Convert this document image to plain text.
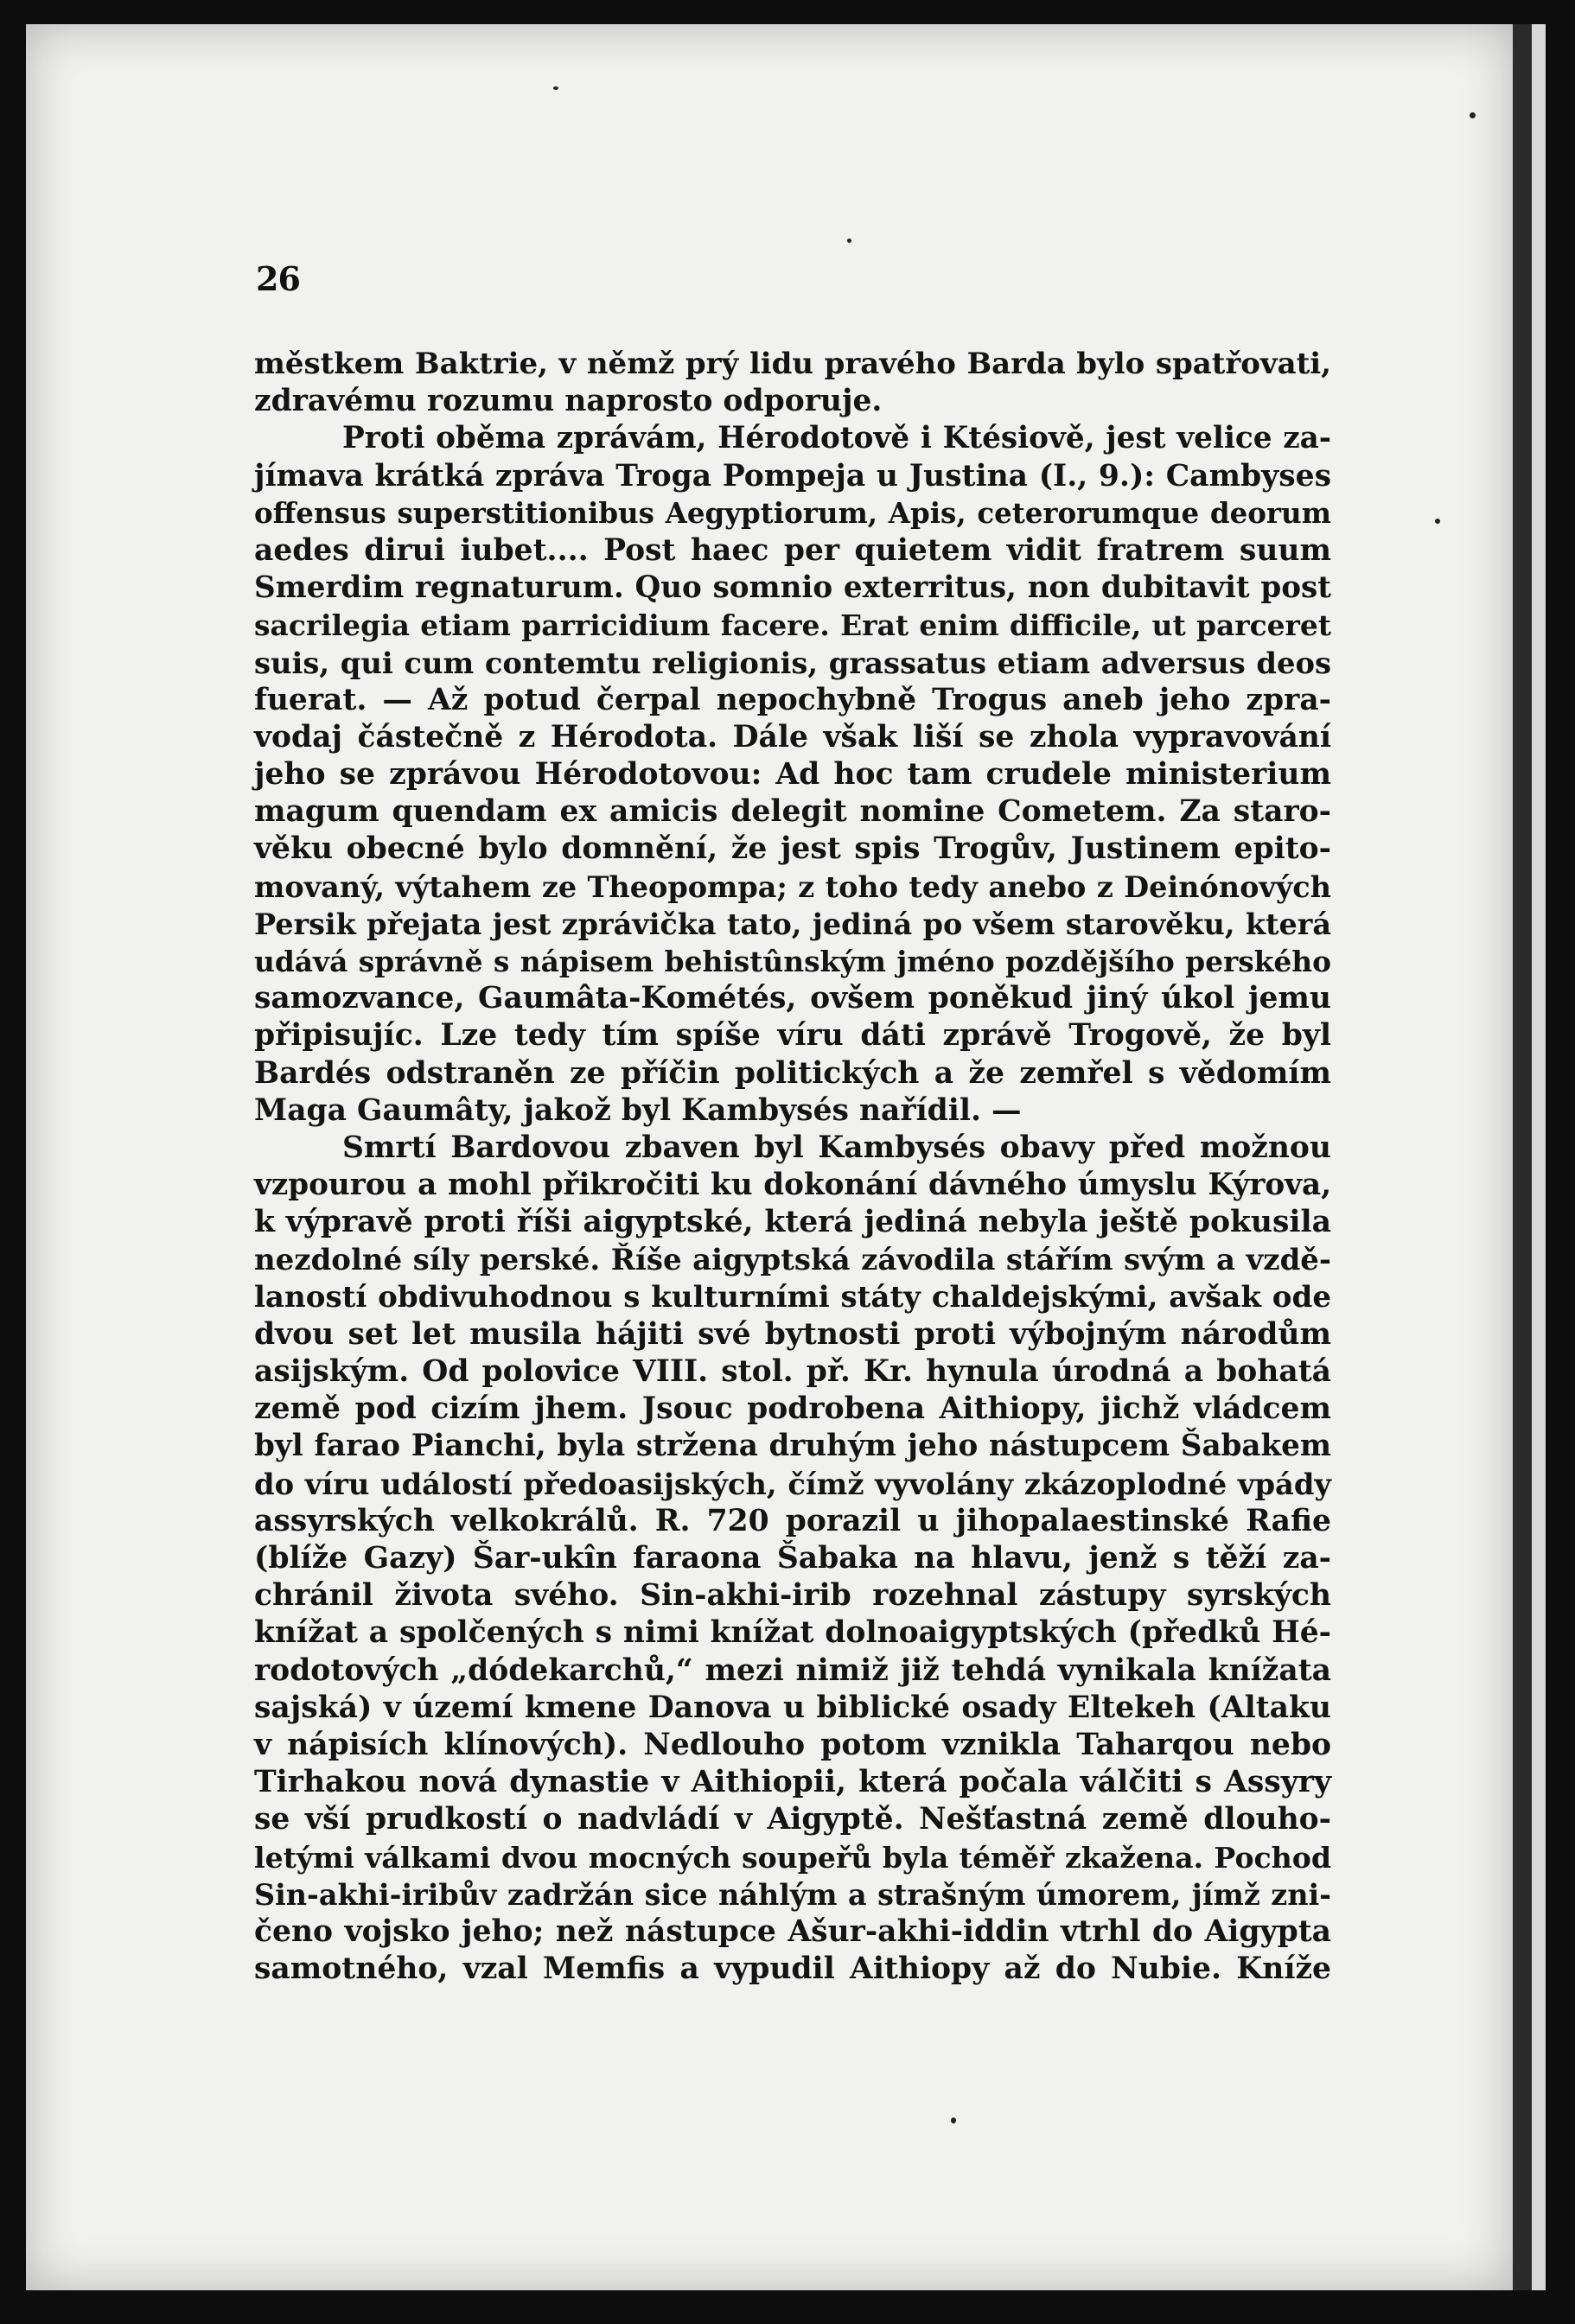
26
městkem Baktrie, v němž prý lidu pravého Barda bylo spatřovati,
zdravému rozumu naprosto odporuje.
Proti oběma zprávám, Hérodotově i Ktésiově, jest velice za-
jímava krátká zpráva Troga Pompeja u Justina (I., 9.): Cambyses
offensus superstitionibus Aegyptiorum, Apis, ceterorumque deorum
aedes dirui iubet.... Post haec per quietem vidit fratrem suum
Smerdim regnaturum. Quo somnio exterritus, non dubitavit post
sacrilegia etiam parricidium facere. Erat enim difficile, ut parceret
suis, qui cum contemtu religionis, grassatus etiam adversus deos
fuerat. — Až potud čerpal nepochybně Trogus aneb jeho zpra-
vodaj částečně z Hérodota. Dále však liší se zhola vypravování
jeho se zprávou Hérodotovou: Ad hoc tam crudele ministerium
magum quendam ex amicis delegit nomine Cometem. Za staro-
věku obecné bylo domnění, že jest spis Trogův, Justinem epito-
movaný, výtahem ze Theopompa; z toho tedy anebo z Deinónových
Persik přejata jest zprávička tato, jediná po všem starověku, která
udává správně s nápisem behistûnským jméno pozdějšího perského
samozvance, Gaumâta-Kométés, ovšem poněkud jiný úkol jemu
připisujíc. Lze tedy tím spíše víru dáti zprávě Trogově, že byl
Bardés odstraněn ze příčin politických a že zemřel s vědomím
Maga Gaumâty, jakož byl Kambysés nařídil. —
Smrtí Bardovou zbaven byl Kambysés obavy před možnou
vzpourou a mohl přikročiti ku dokonání dávného úmyslu Kýrova,
k výpravě proti říši aigyptské, která jediná nebyla ještě pokusila
nezdolné síly perské. Říše aigyptská závodila stářím svým a vzdě-
laností obdivuhodnou s kulturními státy chaldejskými, avšak ode
dvou set let musila hájiti své bytnosti proti výbojným národům
asijským. Od polovice VIII. stol. př. Kr. hynula úrodná a bohatá
země pod cizím jhem. Jsouc podrobena Aithiopy, jichž vládcem
byl farao Pianchi, byla stržena druhým jeho nástupcem Šabakem
do víru událostí předoasijských, čímž vyvolány zkázoplodné vpády
assyrských velkokrálů. R. 720 porazil u jihopalaestinské Rafie
(blíže Gazy) Šar-ukîn faraona Šabaka na hlavu, jenž s těží za-
chránil života svého. Sin-akhi-irib rozehnal zástupy syrských
knížat a spolčených s nimi knížat dolnoaigyptských (předků Hé-
rodotových „dódekarchů,“ mezi nimiž již tehdá vynikala knížata
sajská) v území kmene Danova u biblické osady Eltekeh (Altaku
v nápisích klínových). Nedlouho potom vznikla Taharqou nebo
Tirhakou nová dynastie v Aithiopii, která počala válčiti s Assyry
se vší prudkostí o nadvládí v Aigyptě. Nešťastná země dlouho-
letými válkami dvou mocných soupeřů byla téměř zkažena. Pochod
Sin-akhi-iribův zadržán sice náhlým a strašným úmorem, jímž zni-
čeno vojsko jeho; než nástupce Ašur-akhi-iddin vtrhl do Aigypta
samotného, vzal Memfis a vypudil Aithiopy až do Nubie. Kníže
